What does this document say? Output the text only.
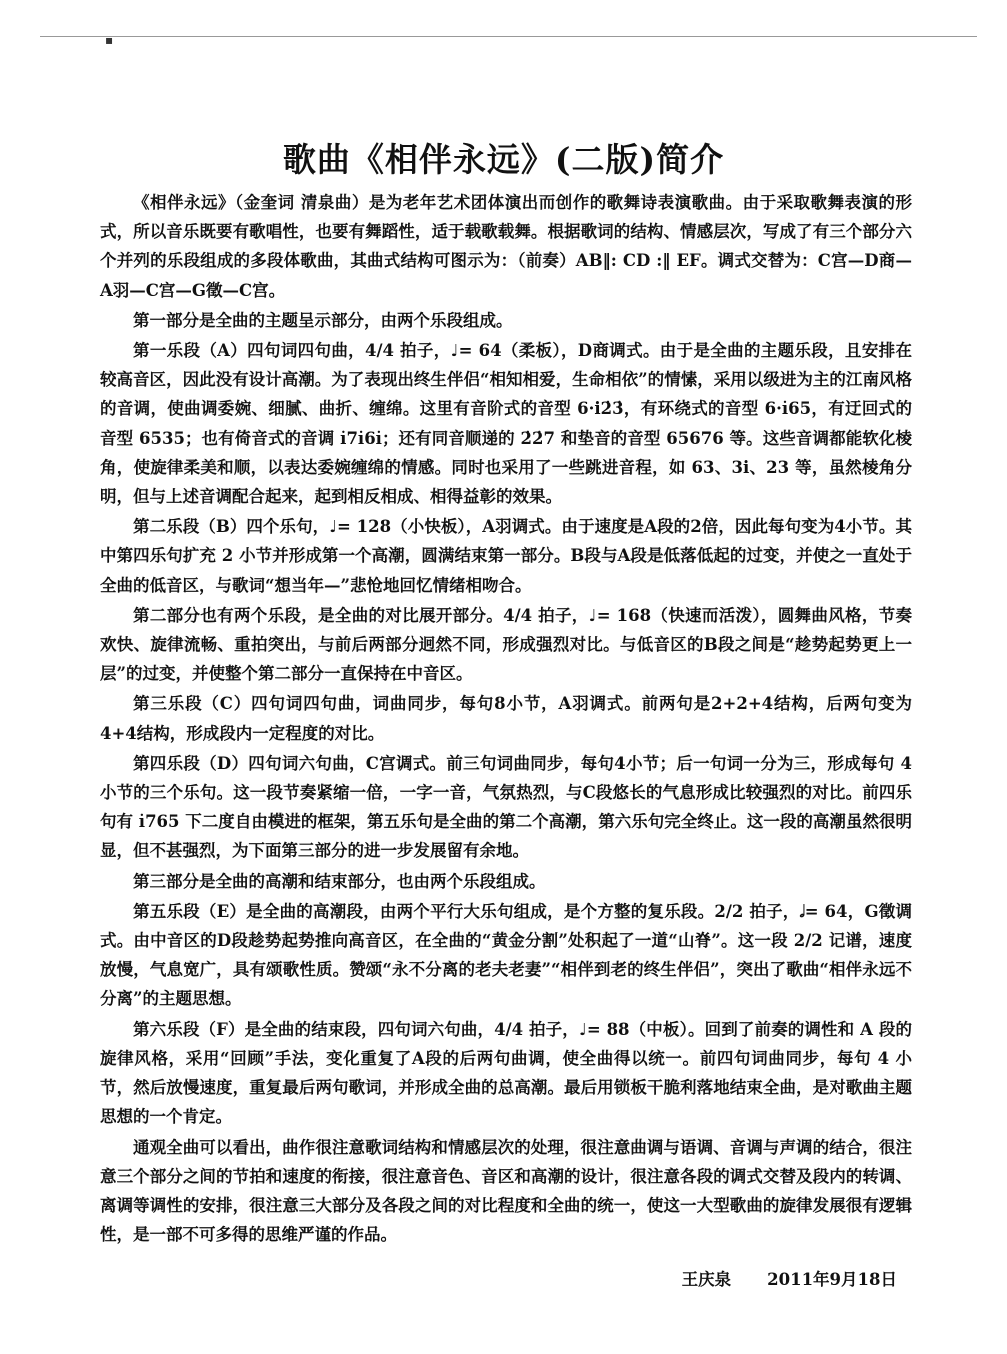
▪
歌曲《相伴永远》(二版)简介

《相伴永远》（金奎词 清泉曲）是为老年艺术团体演出而创作的歌舞诗表演歌曲。由于采取歌舞表演的形式，所以音乐既要有歌唱性，也要有舞蹈性，适于载歌载舞。根据歌词的结构、情感层次，写成了有三个部分六个并列的乐段组成的多段体歌曲，其曲式结构可图示为：（前奏）AB‖: CD :‖ EF。调式交替为：C宫—D商—A羽—C宫—G徵—C宫。

第一部分是全曲的主题呈示部分，由两个乐段组成。

第一乐段（A）四句词四句曲，4/4 拍子，♩= 64（柔板），D商调式。由于是全曲的主题乐段，且安排在较高音区，因此没有设计高潮。为了表现出终生伴侣“相知相爱，生命相依”的情愫，采用以级进为主的江南风格的音调，使曲调委婉、细腻、曲折、缠绵。这里有音阶式的音型 6·i2̇3̇，有环绕式的音型 6·i̇65，有迂回式的音型 6535；也有倚音式的音调 i̇7i̇6i̇；还有同音顺递的 2̇2̇7 和垫音的音型 65676 等。这些音调都能软化棱角，使旋律柔美和顺，以表达委婉缠绵的情感。同时也采用了一些跳进音程，如 63、3i、23 等，虽然棱角分明，但与上述音调配合起来，起到相反相成、相得益彰的效果。

第二乐段（B）四个乐句，♩= 128（小快板），A羽调式。由于速度是A段的2倍，因此每句变为4小节。其中第四乐句扩充 2 小节并形成第一个高潮，圆满结束第一部分。B段与A段是低落低起的过变，并使之一直处于全曲的低音区，与歌词“想当年—”悲怆地回忆情绪相吻合。

第二部分也有两个乐段，是全曲的对比展开部分。4/4 拍子，♩= 168（快速而活泼），圆舞曲风格，节奏欢快、旋律流畅、重拍突出，与前后两部分迥然不同，形成强烈对比。与低音区的B段之间是“趁势起势更上一层”的过变，并使整个第二部分一直保持在中音区。

第三乐段（C）四句词四句曲，词曲同步，每句8小节，A羽调式。前两句是2+2+4结构，后两句变为4+4结构，形成段内一定程度的对比。

第四乐段（D）四句词六句曲，C宫调式。前三句词曲同步，每句4小节；后一句词一分为三，形成每句 4 小节的三个乐句。这一段节奏紧缩一倍，一字一音，气氛热烈，与C段悠长的气息形成比较强烈的对比。前四乐句有 i̇765 下二度自由模进的框架，第五乐句是全曲的第二个高潮，第六乐句完全终止。这一段的高潮虽然很明显，但不甚强烈，为下面第三部分的进一步发展留有余地。

第三部分是全曲的高潮和结束部分，也由两个乐段组成。

第五乐段（E）是全曲的高潮段，由两个平行大乐句组成，是个方整的复乐段。2/2 拍子，𝅗𝅥= 64，G徵调式。由中音区的D段趁势起势推向高音区，在全曲的“黄金分割”处积起了一道“山脊”。这一段 2/2 记谱，速度放慢，气息宽广，具有颂歌性质。赞颂“永不分离的老夫老妻”“相伴到老的终生伴侣”，突出了歌曲“相伴永远不分离”的主题思想。

第六乐段（F）是全曲的结束段，四句词六句曲，4/4 拍子，♩= 88（中板）。回到了前奏的调性和 A 段的旋律风格，采用“回顾”手法，变化重复了A段的后两句曲调，使全曲得以统一。前四句词曲同步，每句 4 小节，然后放慢速度，重复最后两句歌词，并形成全曲的总高潮。最后用锁板干脆利落地结束全曲，是对歌曲主题思想的一个肯定。

通观全曲可以看出，曲作很注意歌词结构和情感层次的处理，很注意曲调与语调、音调与声调的结合，很注意三个部分之间的节拍和速度的衔接，很注意音色、音区和高潮的设计，很注意各段的调式交替及段内的转调、离调等调性的安排，很注意三大部分及各段之间的对比程度和全曲的统一，使这一大型歌曲的旋律发展很有逻辑性，是一部不可多得的思维严谨的作品。

王庆泉 2011年9月18日
